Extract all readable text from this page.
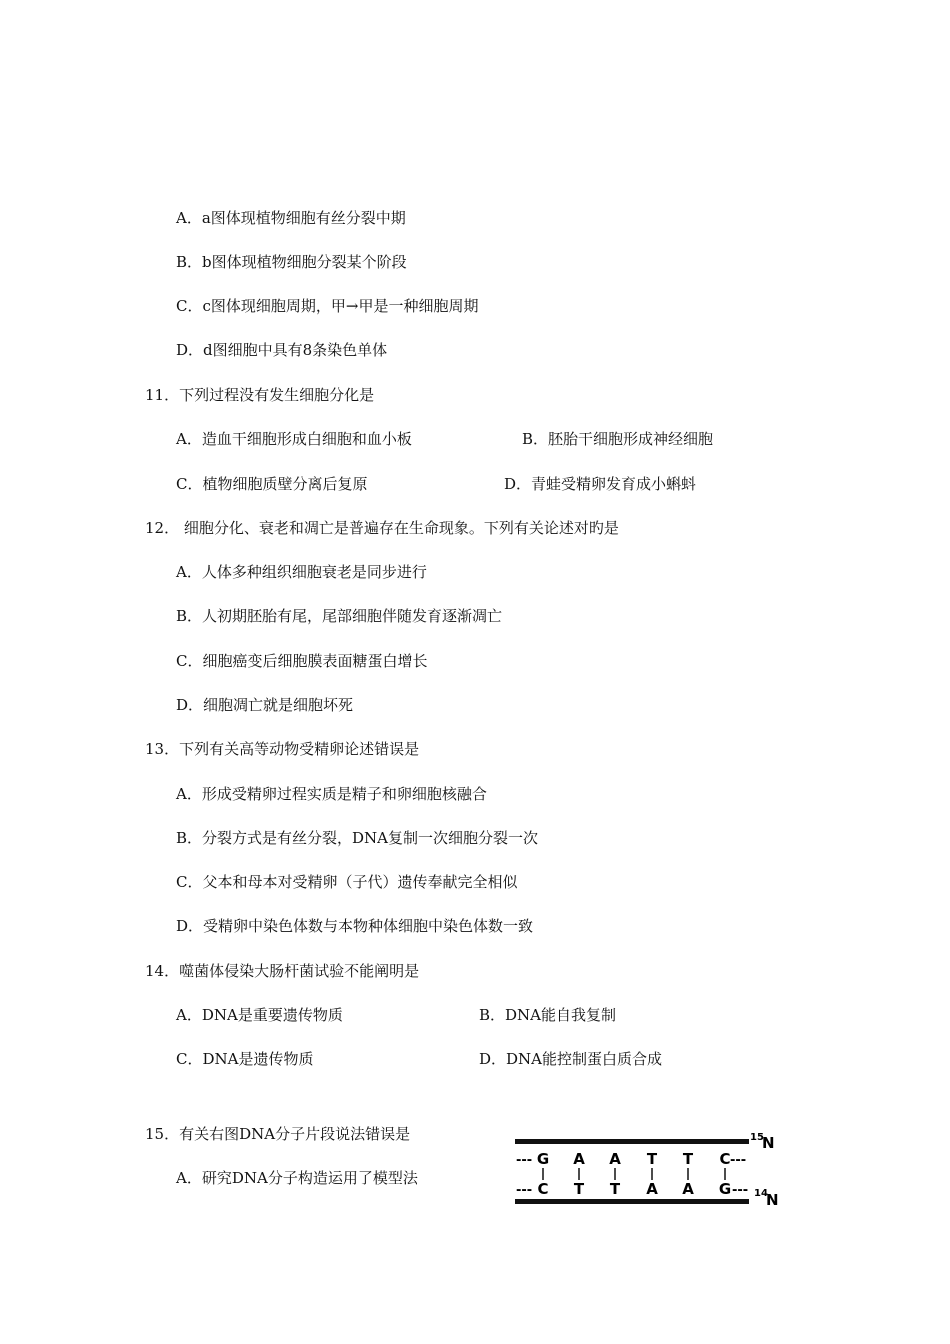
A．a图体现植物细胞有丝分裂中期
B．b图体现植物细胞分裂某个阶段
C．c图体现细胞周期，甲→甲是一种细胞周期
D．d图细胞中具有8条染色单体
11．下列过程没有发生细胞分化是
A．造血干细胞形成白细胞和血小板	B．胚胎干细胞形成神经细胞
C．植物细胞质壁分离后复原	D．青蛙受精卵发育成小蝌蚪
12． 细胞分化、衰老和凋亡是普遍存在生命现象。下列有关论述对旳是
A．人体多种组织细胞衰老是同步进行
B．人初期胚胎有尾，尾部细胞伴随发育逐渐凋亡
C．细胞癌变后细胞膜表面糖蛋白增长
D．细胞凋亡就是细胞坏死
13．下列有关高等动物受精卵论述错误是
A．形成受精卵过程实质是精子和卵细胞核融合
B．分裂方式是有丝分裂，DNA复制一次细胞分裂一次
C．父本和母本对受精卵（子代）遗传奉献完全相似
D．受精卵中染色体数与本物种体细胞中染色体数一致
14．噬菌体侵染大肠杆菌试验不能阐明是
A．DNA是重要遗传物质	B．DNA能自我复制
C．DNA是遗传物质	D．DNA能控制蛋白质合成
15．有关右图DNA分子片段说法错误是
A．研究DNA分子构造运用了模型法
---
---
---
---
G A A T T C
C T T A A G
15
N
14
N
